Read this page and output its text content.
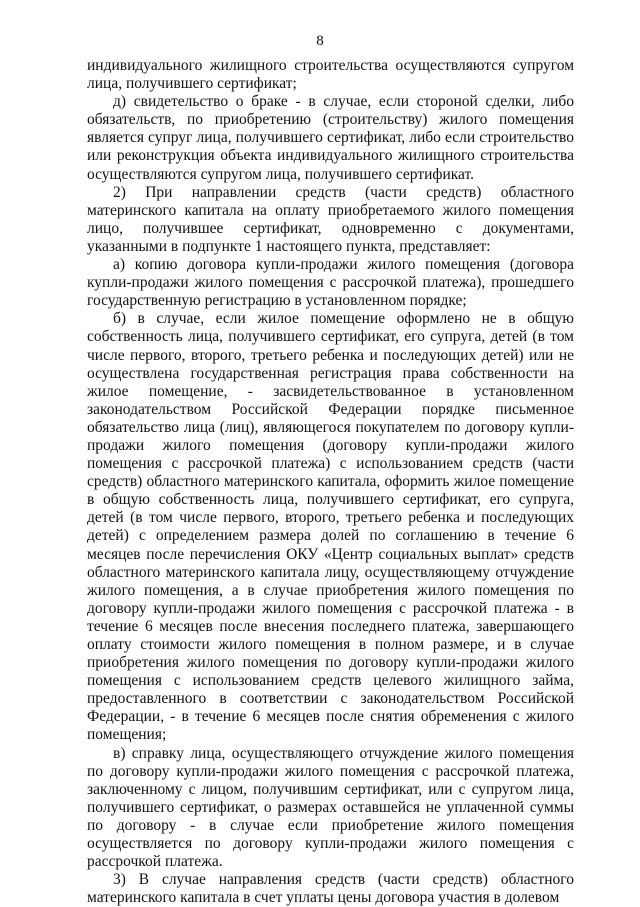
8

индивидуального жилищного строительства осуществляются супругом лица, получившего сертификат;

д) свидетельство о браке - в случае, если стороной сделки, либо обязательств, по приобретению (строительству) жилого помещения является супруг лица, получившего сертификат, либо если строительство или реконструкция объекта индивидуального жилищного строительства осуществляются супругом лица, получившего сертификат.

2) При направлении средств (части средств) областного материнского капитала на оплату приобретаемого жилого помещения лицо, получившее сертификат, одновременно с документами, указанными в подпункте 1 настоящего пункта, представляет:

а) копию договора купли-продажи жилого помещения (договора купли-продажи жилого помещения с рассрочкой платежа), прошедшего государственную регистрацию в установленном порядке;

б) в случае, если жилое помещение оформлено не в общую собственность лица, получившего сертификат, его супруга, детей (в том числе первого, второго, третьего ребенка и последующих детей) или не осуществлена государственная регистрация права собственности на жилое помещение, - засвидетельствованное в установленном законодательством Российской Федерации порядке письменное обязательство лица (лиц), являющегося покупателем по договору купли-продажи жилого помещения (договору купли-продажи жилого помещения с рассрочкой платежа) с использованием средств (части средств) областного материнского капитала, оформить жилое помещение в общую собственность лица, получившего сертификат, его супруга, детей (в том числе первого, второго, третьего ребенка и последующих детей) с определением размера долей по соглашению в течение 6 месяцев после перечисления ОКУ «Центр социальных выплат» средств областного материнского капитала лицу, осуществляющему отчуждение жилого помещения, а в случае приобретения жилого помещения по договору купли-продажи жилого помещения с рассрочкой платежа - в течение 6 месяцев после внесения последнего платежа, завершающего оплату стоимости жилого помещения в полном размере, и в случае приобретения жилого помещения по договору купли-продажи жилого помещения с использованием средств целевого жилищного займа, предоставленного в соответствии с законодательством Российской Федерации, - в течение 6 месяцев после снятия обременения с жилого помещения;

в) справку лица, осуществляющего отчуждение жилого помещения по договору купли-продажи жилого помещения с рассрочкой платежа, заключенному с лицом, получившим сертификат, или с супругом лица, получившего сертификат, о размерах оставшейся не уплаченной суммы по договору - в случае если приобретение жилого помещения осуществляется по договору купли-продажи жилого помещения с рассрочкой платежа.

3) В случае направления средств (части средств) областного материнского капитала в счет уплаты цены договора участия в долевом
